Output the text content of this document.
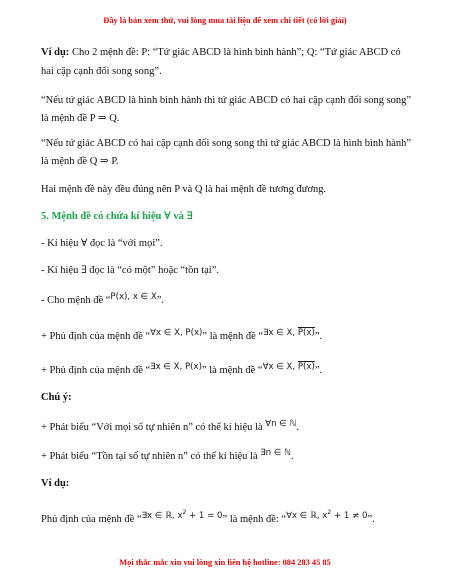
Đây là bản xem thử, vui lòng mua tài liệu để xem chi tiết (có lời giải)
Ví dụ: Cho 2 mệnh đề: P: “Tứ giác ABCD là hình bình hành”; Q: “Tứ giác ABCD có
hai cặp cạnh đối song song”.
“Nếu tứ giác ABCD là hình bình hành thì tứ giác ABCD có hai cặp cạnh đối song song”
là mệnh đề P ⇒ Q.
“Nếu tứ giác ABCD có hai cặp cạnh đối song song thì tứ giác ABCD là hình bình hành”
là mệnh đề Q ⇒ P.
Hai mệnh đề này đều đúng nên P và Q là hai mệnh đề tương đương.
5. Mệnh đề có chứa kí hiệu ∀ và ∃
- Kí hiệu ∀ đọc là “với mọi”.
- Kí hiệu ∃ đọc là “có một” hoặc “tồn tại”.
- Cho mệnh đề “P(x), x ∈ X”.
+ Phủ định của mệnh đề “∀x ∈ X, P(x)” là mệnh đề “∃x ∈ X, P(x)”.
+ Phủ định của mệnh đề “∃x ∈ X, P(x)” là mệnh đề “∀x ∈ X, P(x)”.
Chú ý:
+ Phát biểu “Với mọi số tự nhiên n” có thể kí hiệu là ∀n ∈ ℕ.
+ Phát biểu “Tồn tại số tự nhiên n” có thể kí hiệu là ∃n ∈ ℕ.
Ví dụ:
Phủ định của mệnh đề “∃x ∈ ℝ, $x^2 + 1 = 0$” là mệnh đề: “∀x ∈ ℝ, $x^2 + 1 \ne 0$”.
Mọi thắc mắc xin vui lòng xin liên hệ hotline: 084 283 45 85
